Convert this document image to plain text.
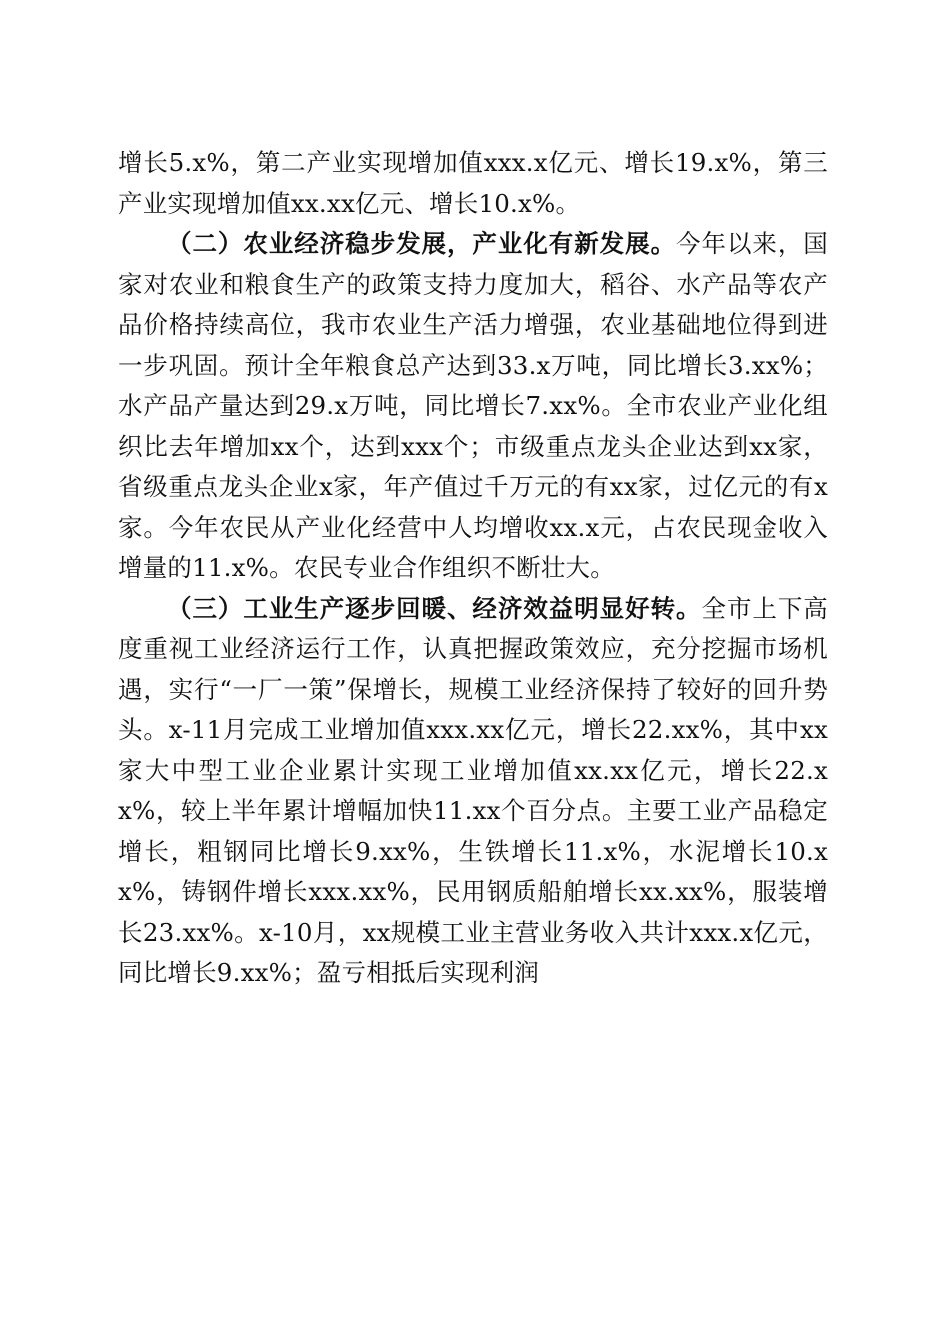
增长5.x%，第二产业实现增加值xxx.x亿元、增长19.x%，第三产业实现增加值xx.xx亿元、增长10.x%。

（二）农业经济稳步发展，产业化有新发展。今年以来，国家对农业和粮食生产的政策支持力度加大，稻谷、水产品等农产品价格持续高位，我市农业生产活力增强，农业基础地位得到进一步巩固。预计全年粮食总产达到33.x万吨，同比增长3.xx%；水产品产量达到29.x万吨，同比增长7.xx%。全市农业产业化组织比去年增加xx个，达到xxx个；市级重点龙头企业达到xx家，省级重点龙头企业x家，年产值过千万元的有xx家，过亿元的有x家。今年农民从产业化经营中人均增收xx.x元，占农民现金收入增量的11.x%。农民专业合作组织不断壮大。

（三）工业生产逐步回暖、经济效益明显好转。全市上下高度重视工业经济运行工作，认真把握政策效应，充分挖掘市场机遇，实行“一厂一策”保增长，规模工业经济保持了较好的回升势头。x-11月完成工业增加值xxx.xx亿元，增长22.xx%，其中xx家大中型工业企业累计实现工业增加值xx.xx亿元，增长22.xx%，较上半年累计增幅加快11.xx个百分点。主要工业产品稳定增长，粗钢同比增长9.xx%，生铁增长11.x%，水泥增长10.xx%，铸钢件增长xxx.xx%，民用钢质船舶增长xx.xx%，服装增长23.xx%。x-10月，xx规模工业主营业务收入共计xxx.x亿元，同比增长9.xx%；盈亏相抵后实现利润
